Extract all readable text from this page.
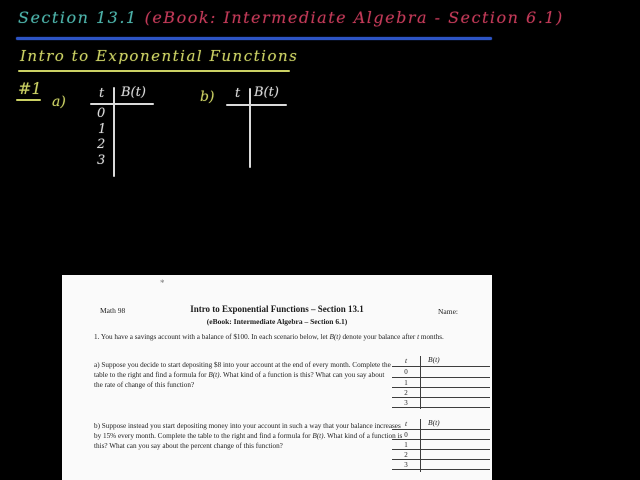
Section 13.1 (eBook: Intermediate Algebra - Section 6.1)
Intro to Exponential Functions
#1
a)
t B(t)
0
1
2
3
b) t B(t)
*
Math 98	Intro to Exponential Functions – Section 13.1
(eBook: Intermediate Algebra – Section 6.1)
Name:
1. You have a savings account with a balance of $100. In each scenario below, let B(t) denote your balance after t months.
a) Suppose you decide to start depositing $8 into your account at the end of every month. Complete the table to the right and find a formula for B(t). What kind of a function is this? What can you say about the rate of change of this function?
t	B(t)
0
1
2
3
b) Suppose instead you start depositing money into your account in such a way that your balance increases by 15% every month. Complete the table to the right and find a formula for B(t). What kind of a function is this? What can you say about the percent change of this function?
t	B(t)
0
1
2
3
